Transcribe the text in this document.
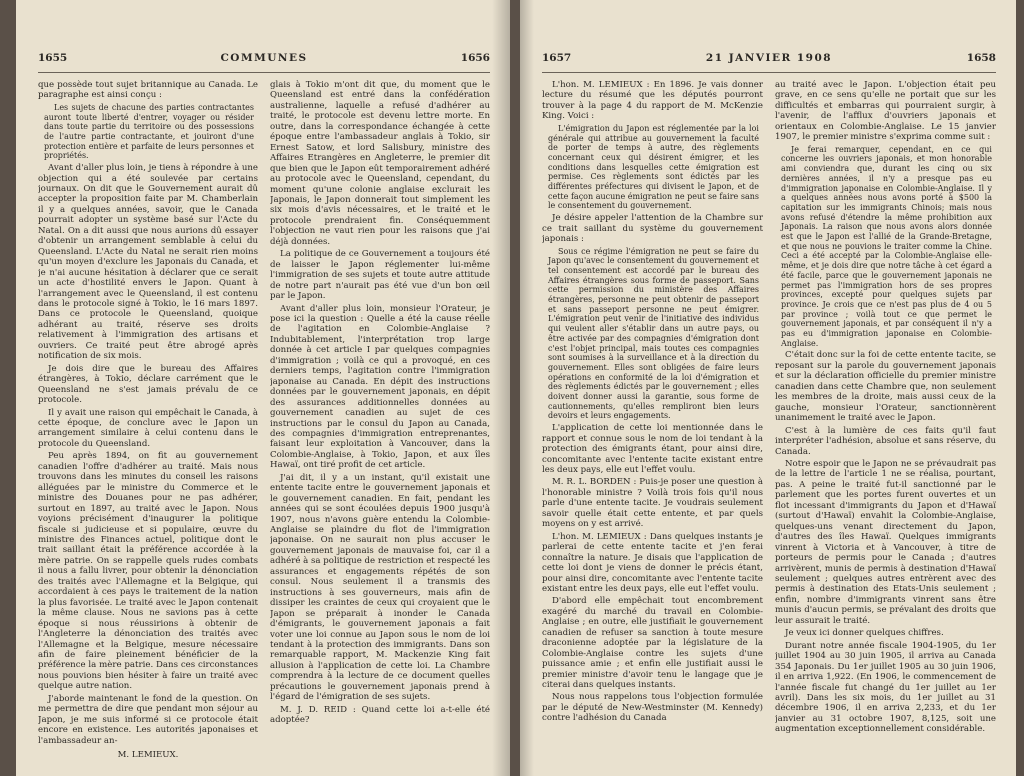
1655	COMMUNES	1656

que possède tout sujet britannique au Canada. Le paragraphe est ainsi conçu :

Les sujets de chacune des parties contractantes auront toute liberté d'entrer, voyager ou résider dans toute partie du territoire ou des possessions de l'autre partie contractante, et jouiront d'une protection entière et parfaite de leurs personnes et propriétés.

Avant d'aller plus loin, je tiens à répondre à une objection qui a été soulevée par certains journaux. On dit que le Gouvernement aurait dû accepter la proposition faite par M. Chamberlain il y a quelques années, savoir, que le Canada pourrait adopter un système basé sur l'Acte du Natal. On a dit aussi que nous aurions dû essayer d'obtenir un arrangement semblable à celui du Queensland. L'Acte du Natal ne serait rien moins qu'un moyen d'exclure les Japonais du Canada, et je n'ai aucune hésitation à déclarer que ce serait un acte d'hostilité envers le Japon. Quant à l'arrangement avec le Queensland, il est contenu dans le protocole signé à Tokio, le 16 mars 1897. Dans ce protocole le Queensland, quoique adhérant au traité, réserve ses droits relativement à l'immigration des artisans et ouvriers. Ce traité peut être abrogé après notification de six mois.

Je dois dire que le bureau des Affaires étrangères, à Tokio, déclare carrément que le Queensland ne s'est jamais prévalu de ce protocole.

Il y avait une raison qui empêchait le Canada, à cette époque, de conclure avec le Japon un arrangement similaire à celui contenu dans le protocole du Queensland.

Peu après 1894, on fit au gouvernement canadien l'offre d'adhérer au traité. Mais nous trouvons dans les minutes du conseil les raisons alléguées par le ministre du Commerce et le ministre des Douanes pour ne pas adhérer, surtout en 1897, au traité avec le Japon. Nous voyions précisément d'inaugurer la politique fiscale si judicieuse et si populaire, œuvre du ministre des Finances actuel, politique dont le trait saillant était la préférence accordée à la mère patrie. On se rappelle quels rudes combats il nous a fallu livrer, pour obtenir la dénonciation des traités avec l'Allemagne et la Belgique, qui accordaient à ces pays le traitement de la nation la plus favorisée. Le traité avec le Japon contenait la même clause. Nous ne savions pas à cette époque si nous réussirions à obtenir de l'Angleterre la dénonciation des traités avec l'Allemagne et la Belgique, mesure nécessaire afin de faire pleinement bénéficier de la préférence la mère patrie. Dans ces circonstances nous pouvions bien hésiter à faire un traité avec quelque autre nation.

J'aborde maintenant le fond de la question. On me permettra de dire que pendant mon séjour au Japon, je me suis informé si ce protocole était encore en existence. Les autorités japonaises et l'ambassadeur an-

M. LEMIEUX.

glais à Tokio m'ont dit que, du moment que le Queensland est entré dans la confédération australienne, laquelle a refusé d'adhérer au traité, le protocole est devenu lettre morte. En outre, dans la correspondance échangée à cette époque entre l'ambassadeur anglais à Tokio, sir Ernest Satow, et lord Salisbury, ministre des Affaires Etrangères en Angleterre, le premier dit que bien que le Japon eût temporairement adhéré au protocole avec le Queensland, cependant, du moment qu'une colonie anglaise exclurait les Japonais, le Japon donnerait tout simplement les six mois d'avis nécessaires, et le traité et le protocole prendraient fin. Conséquemment l'objection ne vaut rien pour les raisons que j'ai déjà données.

La politique de ce Gouvernement a toujours été de laisser le Japon réglementer lui-même l'immigration de ses sujets et toute autre attitude de notre part n'aurait pas été vue d'un bon œil par le Japon.

Avant d'aller plus loin, monsieur l'Orateur, je pose ici la question : Quelle a été la cause réelle de l'agitation en Colombie-Anglaise ? Indubitablement, l'interprétation trop large donnée à cet article I par quelques compagnies d'immigration ; voilà ce qui a provoqué, en ces derniers temps, l'agitation contre l'immigration japonaise au Canada. En dépit des instructions données par le gouvernement japonais, en dépit des assurances additionnelles données au gouvernement canadien au sujet de ces instructions par le consul du Japon au Canada, des compagnies d'immigration entreprenantes, faisant leur exploitation à Vancouver, dans la Colombie-Anglaise, à Tokio, Japon, et aux îles Hawaï, ont tiré profit de cet article.

J'ai dit, il y a un instant, qu'il existait une entente tacite entre le gouvernement japonais et le gouvernement canadien. En fait, pendant les années qui se sont écoulées depuis 1900 jusqu'à 1907, nous n'avons guère entendu la Colombie-Anglaise se plaindre du flot de l'immigration japonaise. On ne saurait non plus accuser le gouvernement japonais de mauvaise foi, car il a adhéré à sa politique de restriction et respecté les assurances et engagements répétés de son consul. Nous seulement il a transmis des instructions à ses gouverneurs, mais afin de dissiper les craintes de ceux qui croyaient que le Japon se préparait à inonder le Canada d'émigrants, le gouvernement japonais a fait voter une loi connue au Japon sous le nom de loi tendant à la protection des immigrants. Dans son remarquable rapport, M. Mackenzie King fait allusion à l'application de cette loi. La Chambre comprendra à la lecture de ce document quelles précautions le gouvernement japonais prend à l'égard de l'émigration de ses sujets.

M. J. D. REID : Quand cette loi a-t-elle été adoptée?

1657	21 JANVIER 1908	1658

L'hon. M. LEMIEUX : En 1896. Je vais donner lecture du résumé que les députés pourront trouver à la page 4 du rapport de M. McKenzie King. Voici :

L'émigration du Japon est réglementée par la loi générale qui attribue au gouvernement la faculté de porter de temps à autre, des règlements concernant ceux qui désirent émigrer, et les conditions dans lesquelles cette émigration est permise. Ces règlements sont édictés par les différentes préfectures qui divisent le Japon, et de cette façon aucune émigration ne peut se faire sans le consentement du gouvernement.

Je désire appeler l'attention de la Chambre sur ce trait saillant du système du gouvernement japonais :

Sous ce régime l'émigration ne peut se faire du Japon qu'avec le consentement du gouvernement et tel consentement est accordé par le bureau des Affaires étrangères sous forme de passeport. Sans cette permission du ministère des Affaires étrangères, personne ne peut obtenir de passeport et sans passeport personne ne peut émigrer. L'émigration peut venir de l'initiative des individus qui veulent aller s'établir dans un autre pays, ou être activée par des compagnies d'émigration dont c'est l'objet principal, mais toutes ces compagnies sont soumises à la surveillance et à la direction du gouvernement. Elles sont obligées de faire leurs opérations en conformité de la loi d'émigration et des règlements édictés par le gouvernement ; elles doivent donner aussi la garantie, sous forme de cautionnements, qu'elles rempliront bien leurs devoirs et leurs engagements.

L'application de cette loi mentionnée dans le rapport et connue sous le nom de loi tendant à la protection des émigrants étant, pour ainsi dire, concomitante avec l'entente tacite existant entre les deux pays, elle eut l'effet voulu.

M. R. L. BORDEN : Puis-je poser une question à l'honorable ministre ? Voilà trois fois qu'il nous parle d'une entente tacite. Je voudrais seulement savoir quelle était cette entente, et par quels moyens on y est arrivé.

L'hon. M. LEMIEUX : Dans quelques instants je parlerai de cette entente tacite et j'en ferai connaître la nature. Je disais que l'application de cette loi dont je viens de donner le précis étant, pour ainsi dire, concomitante avec l'entente tacite existant entre les deux pays, elle eut l'effet voulu.

D'abord elle empêchait tout encombrement exagéré du marché du travail en Colombie-Anglaise ; en outre, elle justifiait le gouvernement canadien de refuser sa sanction à toute mesure draconienne adoptée par la législature de la Colombie-Anglaise contre les sujets d'une puissance amie ; et enfin elle justifiait aussi le premier ministre d'avoir tenu le langage que je citerai dans quelques instants.

Nous nous rappelons tous l'objection formulée par le député de New-Westminster (M. Kennedy) contre l'adhésion du Canada

au traité avec le Japon. L'objection était peu grave, en ce sens qu'elle ne portait que sur les difficultés et embarras qui pourraient surgir, à l'avenir, de l'afflux d'ouvriers japonais et orientaux en Colombie-Anglaise. Le 15 janvier 1907, le premier ministre s'exprima comme suit :

Je ferai remarquer, cependant, en ce qui concerne les ouvriers japonais, et mon honorable ami conviendra que, durant les cinq ou six dernières années, il n'y a presque pas eu d'immigration japonaise en Colombie-Anglaise. Il y a quelques années nous avons porté à $500 la capitation sur les immigrants Chinois; mais nous avons refusé d'étendre la même prohibition aux Japonais. La raison que nous avons alors donnée est que le Japon est l'allié de la Grande-Bretagne, et que nous ne pouvions le traiter comme la Chine. Ceci a été accepté par la Colombie-Anglaise elle-même, et je dois dire que notre tâche à cet égard a été facile, parce que le gouvernement japonais ne permet pas l'immigration hors de ses propres provinces, excepté pour quelques sujets par province. Je crois que ce n'est pas plus de 4 ou 5 par province ; voilà tout ce que permet le gouvernement japonais, et par conséquent il n'y a pas eu d'immigration japonaise en Colombie-Anglaise.

C'était donc sur la foi de cette entente tacite, se reposant sur la parole du gouvernement japonais et sur la déclaration officielle du premier ministre canadien dans cette Chambre que, non seulement les membres de la droite, mais aussi ceux de la gauche, monsieur l'Orateur, sanctionnèrent unanimement le traité avec le Japon.

C'est à la lumière de ces faits qu'il faut interpréter l'adhésion, absolue et sans réserve, du Canada.

Notre espoir que le Japon ne se prévaudrait pas de la lettre de l'article 1 ne se réalisa, pourtant, pas. A peine le traité fut-il sanctionné par le parlement que les portes furent ouvertes et un flot incessant d'immigrants du Japon et d'Hawaï (surtout d'Hawaï) envahit la Colombie-Anglaise, quelques-uns venant directement du Japon, d'autres des îles Hawaï. Quelques immigrants vinrent à Victoria et à Vancouver, à titre de porteurs de permis pour le Canada ; d'autres arrivèrent, munis de permis à destination d'Hawaï seulement ; quelques autres entrèrent avec des permis à destination des Etats-Unis seulement ; enfin, nombre d'immigrants vinrent sans être munis d'aucun permis, se prévalant des droits que leur assurait le traité.

Je veux ici donner quelques chiffres.

Durant notre année fiscale 1904-1905, du 1er juillet 1904 au 30 juin 1905, il arriva au Canada 354 Japonais. Du 1er juillet 1905 au 30 juin 1906, il en arriva 1,922. (En 1906, le commencement de l'année fiscale fut changé du 1er juillet au 1er avril). Dans les six mois, du 1er juillet au 31 décembre 1906, il en arriva 2,233, et du 1er janvier au 31 octobre 1907, 8,125, soit une augmentation exceptionnellement considérable.
